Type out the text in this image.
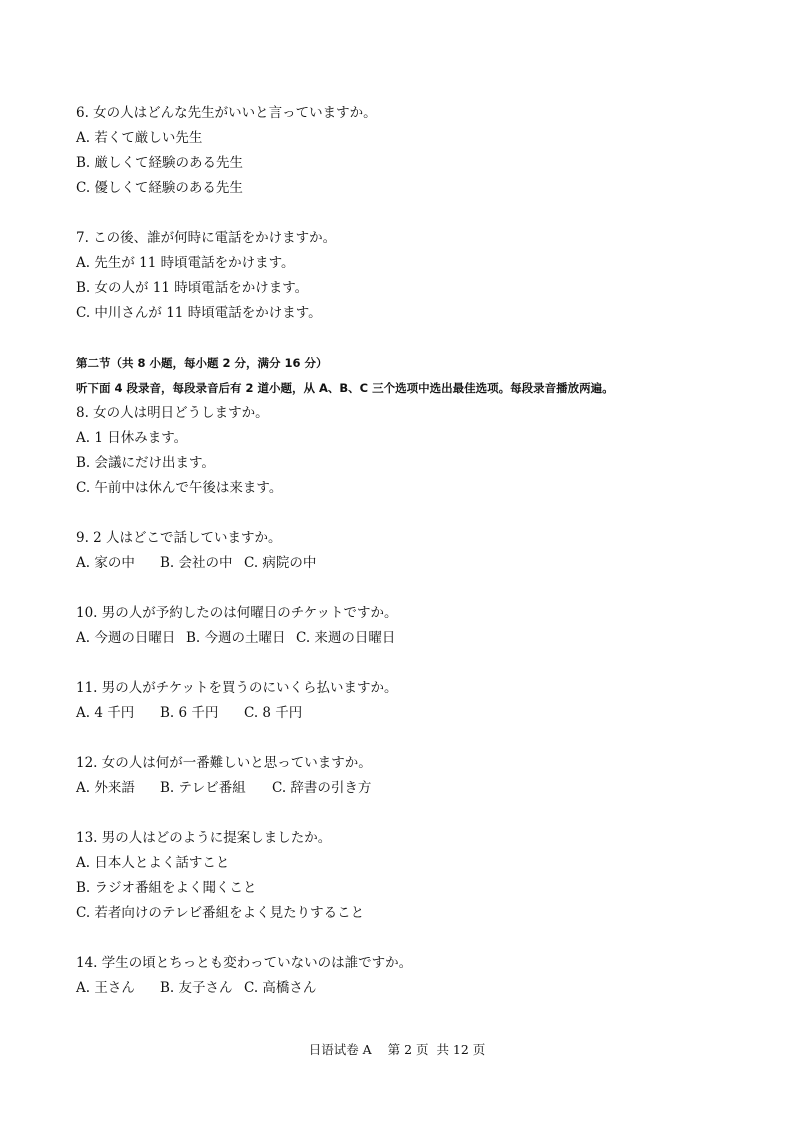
6. 女の人はどんな先生がいいと言っていますか。
A. 若くて厳しい先生
B. 厳しくて経験のある先生
C. 優しくて経験のある先生
7. この後、誰が何時に電話をかけますか。
A. 先生が 11 時頃電話をかけます。
B. 女の人が 11 時頃電話をかけます。
C. 中川さんが 11 時頃電話をかけます。
第二节（共 8 小题，每小题 2 分，满分 16 分）
听下面 4 段录音，每段录音后有 2 道小题，从 A、B、C 三个选项中选出最佳选项。每段录音播放两遍。
8. 女の人は明日どうしますか。
A. 1 日休みます。
B. 会議にだけ出ます。
C. 午前中は休んで午後は来ます。
9. 2 人はどこで話していますか。
A. 家の中 B. 会社の中 C. 病院の中
10. 男の人が予約したのは何曜日のチケットですか。
A. 今週の日曜日 B. 今週の土曜日 C. 来週の日曜日
11. 男の人がチケットを買うのにいくら払いますか。
A. 4 千円 B. 6 千円 C. 8 千円
12. 女の人は何が一番難しいと思っていますか。
A. 外来語 B. テレビ番組 C. 辞書の引き方
13. 男の人はどのように提案しましたか。
A. 日本人とよく話すこと
B. ラジオ番組をよく聞くこと
C. 若者向けのテレビ番組をよく見たりすること
14. 学生の頃とちっとも変わっていないのは誰ですか。
A. 王さん B. 友子さん C. 高橋さん
日语试卷 A    第 2 页  共 12 页
